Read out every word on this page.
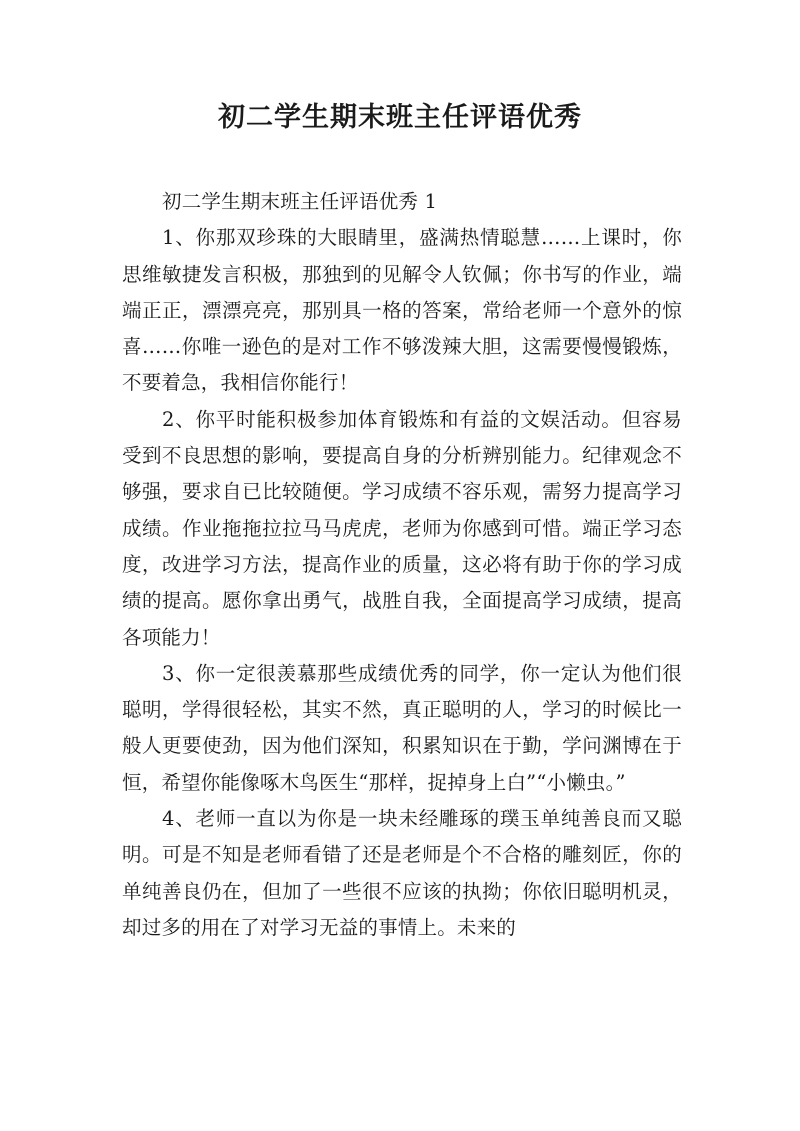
初二学生期末班主任评语优秀

初二学生期末班主任评语优秀 1

1、你那双珍珠的大眼睛里，盛满热情聪慧……上课时，你思维敏捷发言积极，那独到的见解令人钦佩；你书写的作业，端端正正，漂漂亮亮，那别具一格的答案，常给老师一个意外的惊喜……你唯一逊色的是对工作不够泼辣大胆，这需要慢慢锻炼，不要着急，我相信你能行！

2、你平时能积极参加体育锻炼和有益的文娱活动。但容易受到不良思想的影响，要提高自身的分析辨别能力。纪律观念不够强，要求自已比较随便。学习成绩不容乐观，需努力提高学习成绩。作业拖拖拉拉马马虎虎，老师为你感到可惜。端正学习态度，改进学习方法，提高作业的质量，这必将有助于你的学习成绩的提高。愿你拿出勇气，战胜自我，全面提高学习成绩，提高各项能力！

3、你一定很羡慕那些成绩优秀的同学，你一定认为他们很聪明，学得很轻松，其实不然，真正聪明的人，学习的时候比一般人更要使劲，因为他们深知，积累知识在于勤，学问渊博在于恒，希望你能像啄木鸟医生“那样，捉掉身上白”“小懒虫。”

4、老师一直以为你是一块未经雕琢的璞玉单纯善良而又聪明。可是不知是老师看错了还是老师是个不合格的雕刻匠，你的单纯善良仍在，但加了一些很不应该的执拗；你依旧聪明机灵，却过多的用在了对学习无益的事情上。未来的
